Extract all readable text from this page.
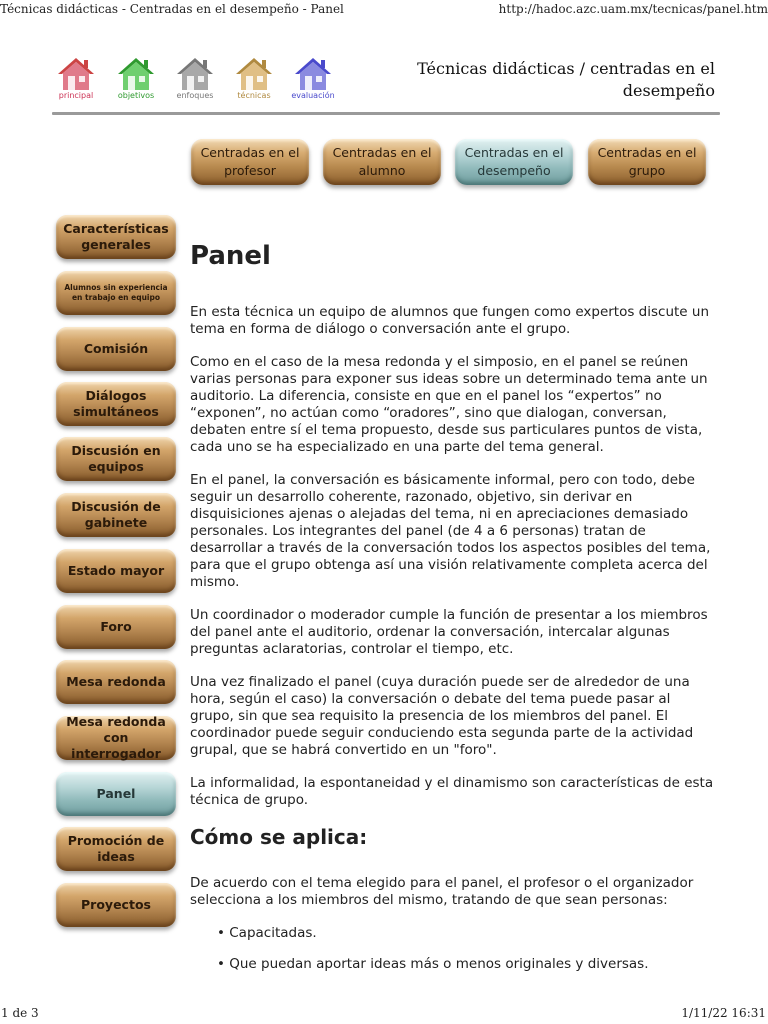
Técnicas didácticas - Centradas en el desempeño - Panel	http://hadoc.azc.uam.mx/tecnicas/panel.htm
principal	objetivos	enfoques	técnicas	evaluación
Técnicas didácticas / centradas en el desempeño
Centradas en el profesor
Centradas en el alumno
Centradas en el desempeño
Centradas en el grupo
Características generales
Alumnos sin experiencia en trabajo en equipo
Comisión
Diálogos simultáneos
Discusión en equipos
Discusión de gabinete
Estado mayor
Foro
Mesa redonda
Mesa redonda con interrogador
Panel
Promoción de ideas
Proyectos
Panel

En esta técnica un equipo de alumnos que fungen como expertos discute un tema en forma de diálogo o conversación ante el grupo.

Como en el caso de la mesa redonda y el simposio, en el panel se reúnen varias personas para exponer sus ideas sobre un determinado tema ante un auditorio. La diferencia, consiste en que en el panel los “expertos” no “exponen”, no actúan como “oradores”, sino que dialogan, conversan, debaten entre sí el tema propuesto, desde sus particulares puntos de vista, cada uno se ha especializado en una parte del tema general.

En el panel, la conversación es básicamente informal, pero con todo, debe seguir un desarrollo coherente, razonado, objetivo, sin derivar en disquisiciones ajenas o alejadas del tema, ni en apreciaciones demasiado personales. Los integrantes del panel (de 4 a 6 personas) tratan de desarrollar a través de la conversación todos los aspectos posibles del tema, para que el grupo obtenga así una visión relativamente completa acerca del mismo.

Un coordinador o moderador cumple la función de presentar a los miembros del panel ante el auditorio, ordenar la conversación, intercalar algunas preguntas aclaratorias, controlar el tiempo, etc.

Una vez finalizado el panel (cuya duración puede ser de alrededor de una hora, según el caso) la conversación o debate del tema puede pasar al grupo, sin que sea requisito la presencia de los miembros del panel. El coordinador puede seguir conduciendo esta segunda parte de la actividad grupal, que se habrá convertido en un "foro".

La informalidad, la espontaneidad y el dinamismo son características de esta técnica de grupo.

Cómo se aplica:

De acuerdo con el tema elegido para el panel, el profesor o el organizador selecciona a los miembros del mismo, tratando de que sean personas:

• Capacitadas.
• Que puedan aportar ideas más o menos originales y diversas.
1 de 3	1/11/22 16:31
